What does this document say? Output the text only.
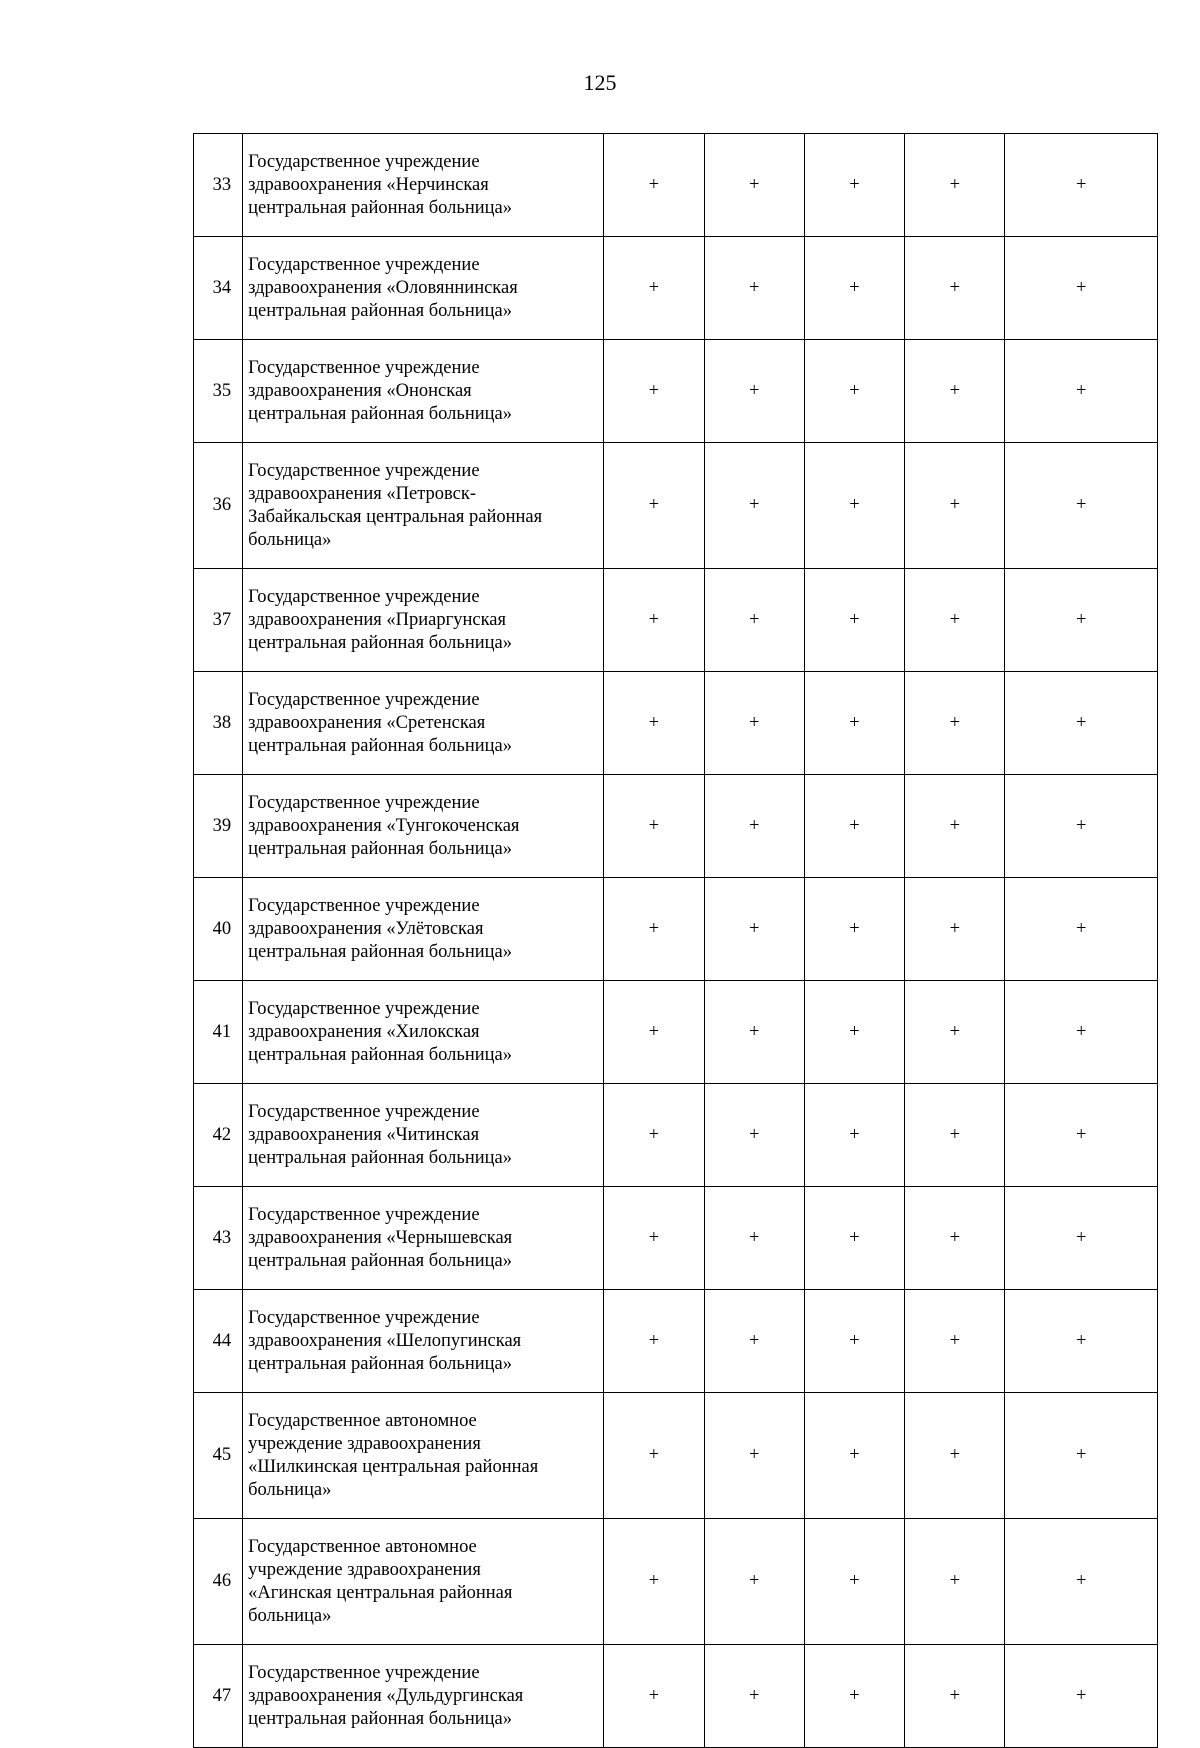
125
33	Государственное учреждение
здравоохранения «Нерчинская
центральная районная больница»	+	+	+	+	+
34	Государственное учреждение
здравоохранения «Оловяннинская
центральная районная больница»	+	+	+	+	+
35	Государственное учреждение
здравоохранения «Ононская
центральная районная больница»	+	+	+	+	+
36	Государственное учреждение
здравоохранения «Петровск-
Забайкальская центральная районная
больница»	+	+	+	+	+
37	Государственное учреждение
здравоохранения «Приаргунская
центральная районная больница»	+	+	+	+	+
38	Государственное учреждение
здравоохранения «Сретенская
центральная районная больница»	+	+	+	+	+
39	Государственное учреждение
здравоохранения «Тунгокоченская
центральная районная больница»	+	+	+	+	+
40	Государственное учреждение
здравоохранения «Улётовская
центральная районная больница»	+	+	+	+	+
41	Государственное учреждение
здравоохранения «Хилокская
центральная районная больница»	+	+	+	+	+
42	Государственное учреждение
здравоохранения «Читинская
центральная районная больница»	+	+	+	+	+
43	Государственное учреждение
здравоохранения «Чернышевская
центральная районная больница»	+	+	+	+	+
44	Государственное учреждение
здравоохранения «Шелопугинская
центральная районная больница»	+	+	+	+	+
45	Государственное автономное
учреждение здравоохранения
«Шилкинская центральная районная
больница»	+	+	+	+	+
46	Государственное автономное
учреждение здравоохранения
«Агинская центральная районная
больница»	+	+	+	+	+
47	Государственное учреждение
здравоохранения «Дульдургинская
центральная районная больница»	+	+	+	+	+
